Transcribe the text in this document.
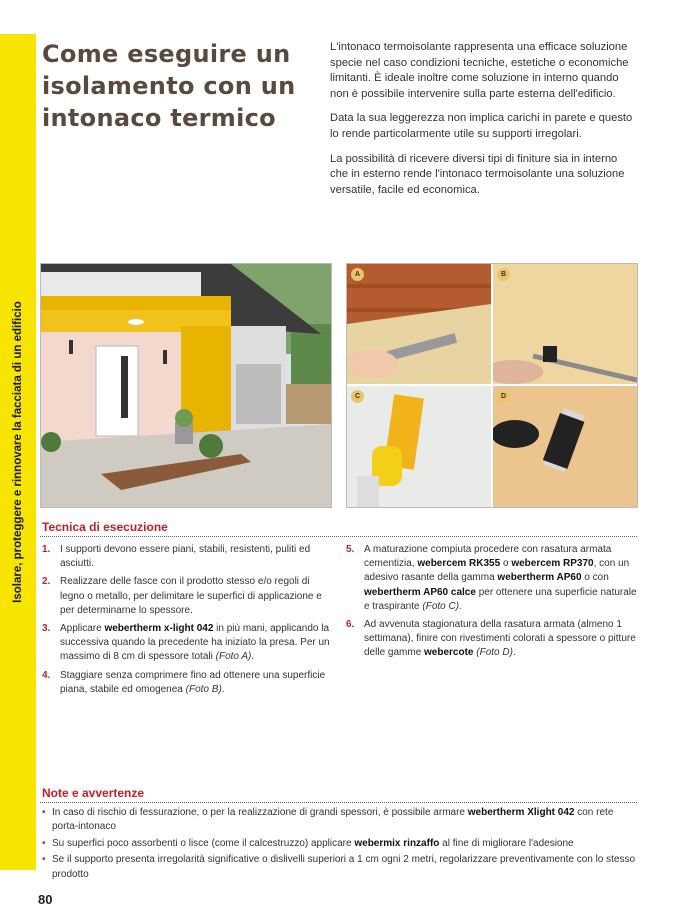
Isolare, proteggere e rinnovare la facciata di un edificio
Come eseguire un isolamento con un intonaco termico

L'intonaco termoisolante rappresenta una efficace soluzione specie nel caso condizioni tecniche, estetiche o economiche limitanti. È ideale inoltre come soluzione in interno quando non è possibile intervenire sulla parte esterna dell'edificio.

Data la sua leggerezza non implica carichi in parete e questo lo rende particolarmente utile su supporti irregolari.

La possibilità di ricevere diversi tipi di finiture sia in interno che in esterno rende l'intonaco termoisolante una soluzione versatile, facile ed economica.

A	B
C	D
Tecnica di esecuzione
1. I supporti devono essere piani, stabili, resistenti, puliti ed asciutti.
2. Realizzare delle fasce con il prodotto stesso e/o regoli di legno o metallo, per delimitare le superfici di applicazione e per determinarne lo spessore.
3. Applicare webertherm x-light 042 in più mani, applicando la successiva quando la precedente ha iniziato la presa. Per un massimo di 8 cm di spessore totali (Foto A).
4. Staggiare senza comprimere fino ad ottenere una superficie piana, stabile ed omogenea (Foto B).
5. A maturazione compiuta procedere con rasatura armata cementizia, webercem RK355 o webercem RP370, con un adesivo rasante della gamma webertherm AP60 o con webertherm AP60 calce per ottenere una superficie naturale e traspirante (Foto C).
6. Ad avvenuta stagionatura della rasatura armata (almeno 1 settimana), finire con rivestimenti colorati a spessore o pitture delle gamme webercote (Foto D).
Note e avvertenze
• In caso di rischio di fessurazione, o per la realizzazione di grandi spessori, è possibile armare webertherm Xlight 042 con rete porta-intonaco
• Su superfici poco assorbenti o lisce (come il calcestruzzo) applicare webermix rinzaffo al fine di migliorare l'adesione
• Se il supporto presenta irregolarità significative o dislivelli superiori a 1 cm ogni 2 metri, regolarizzare preventivamente con lo stesso prodotto
80
